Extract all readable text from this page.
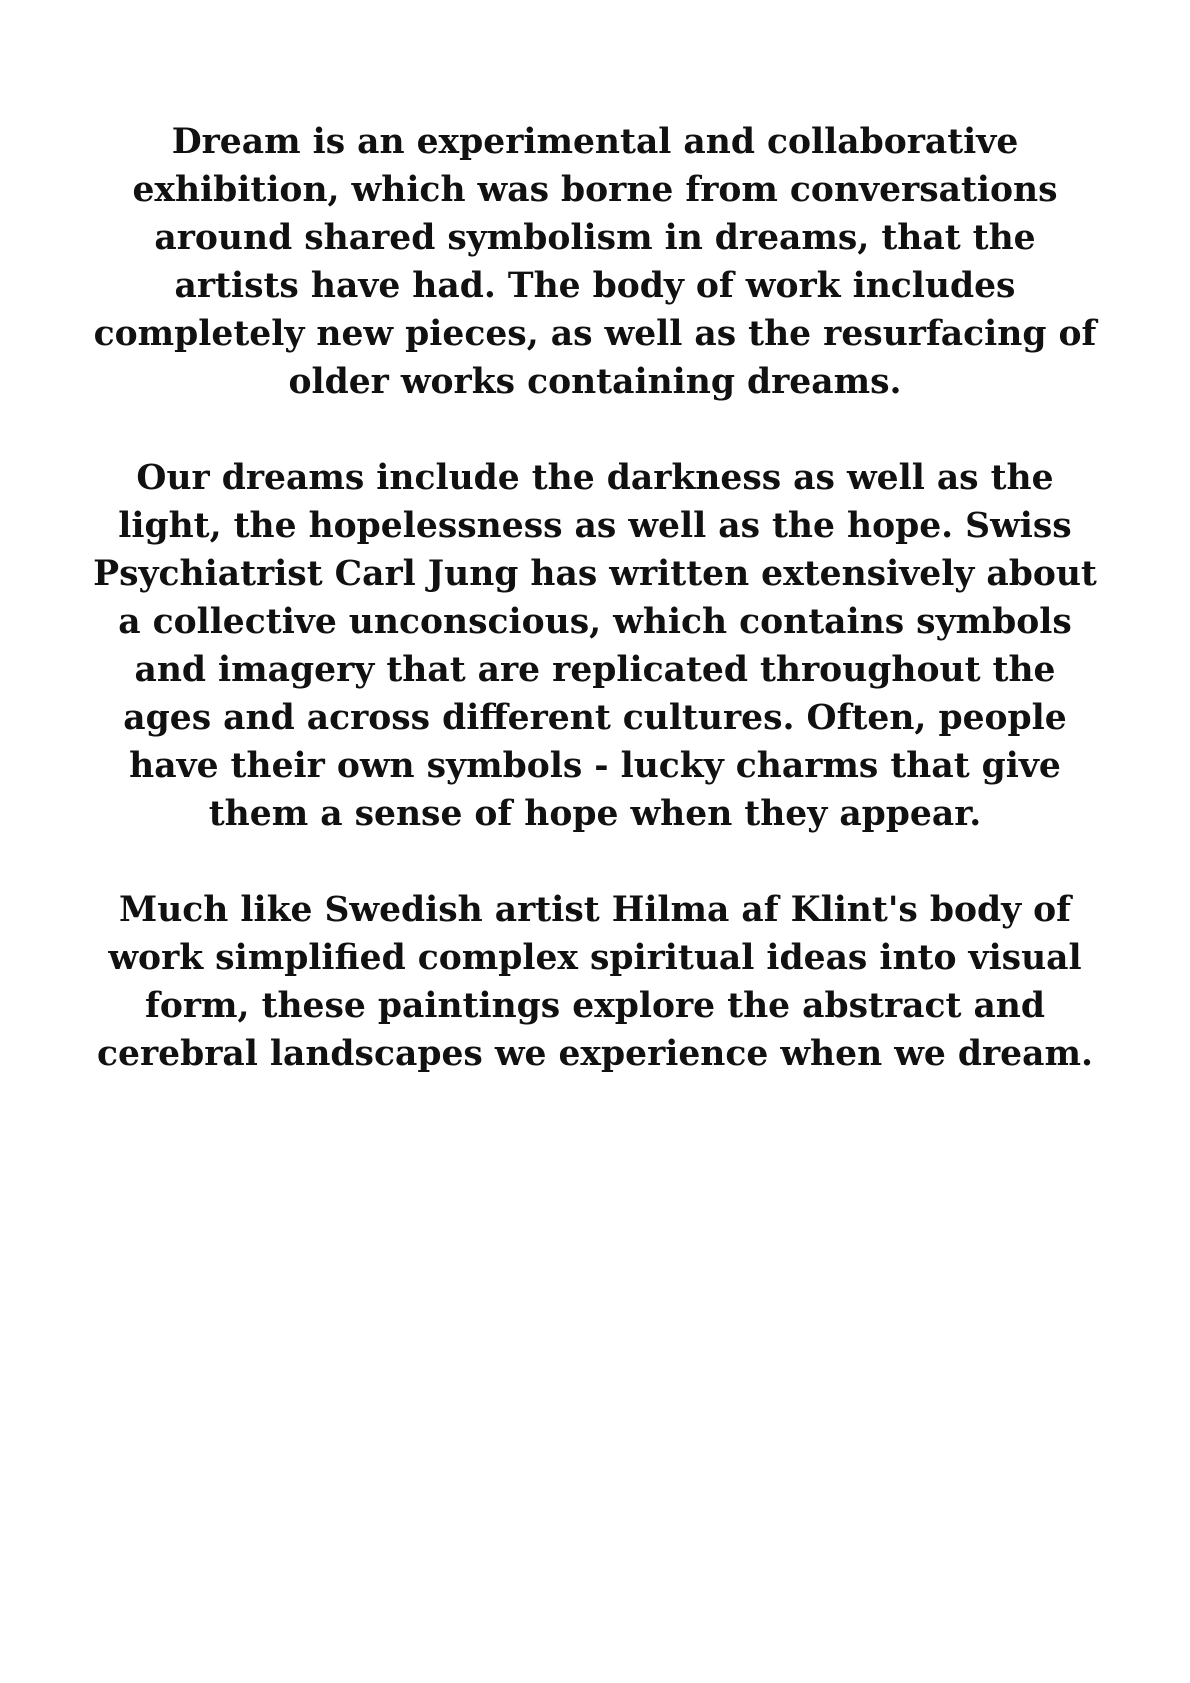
Dream is an experimental and collaborative exhibition, which was borne from conversations around shared symbolism in dreams, that the artists have had. The body of work includes completely new pieces, as well as the resurfacing of older works containing dreams.

Our dreams include the darkness as well as the light, the hopelessness as well as the hope. Swiss Psychiatrist Carl Jung has written extensively about a collective unconscious, which contains symbols and imagery that are replicated throughout the ages and across different cultures. Often, people have their own symbols - lucky charms that give them a sense of hope when they appear.

Much like Swedish artist Hilma af Klint's body of work simplified complex spiritual ideas into visual form, these paintings explore the abstract and cerebral landscapes we experience when we dream.
